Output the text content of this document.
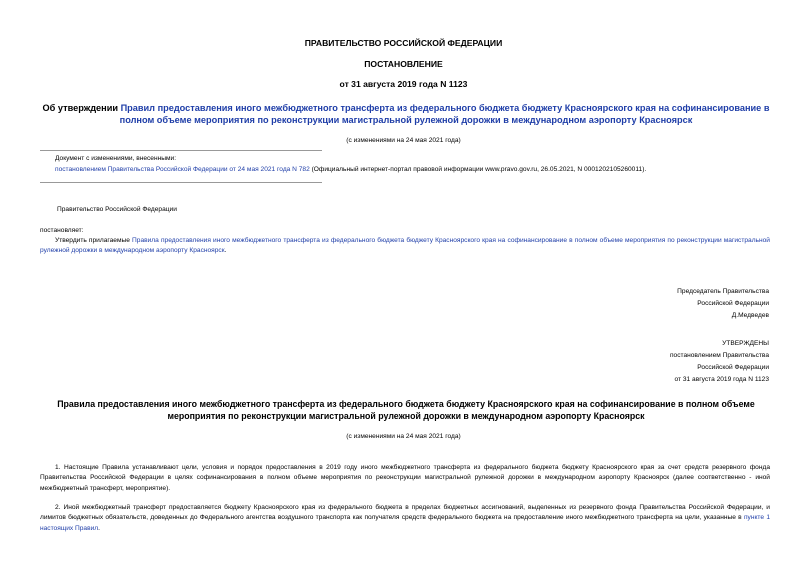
ПРАВИТЕЛЬСТВО РОССИЙСКОЙ ФЕДЕРАЦИИ
ПОСТАНОВЛЕНИЕ
от 31 августа 2019 года N 1123
Об утверждении Правил предоставления иного межбюджетного трансферта из федерального бюджета бюджету Красноярского края на софинансирование в полном объеме мероприятия по реконструкции магистральной рулежной дорожки в международном аэропорту Красноярск
(с изменениями на 24 мая 2021 года)
Документ с изменениями, внесенными:
постановлением Правительства Российской Федерации от 24 мая 2021 года N 782 (Официальный интернет-портал правовой информации www.pravo.gov.ru, 26.05.2021, N 0001202105260011).
Правительство Российской Федерации
постановляет:
Утвердить прилагаемые Правила предоставления иного межбюджетного трансферта из федерального бюджета бюджету Красноярского края на софинансирование в полном объеме мероприятия по реконструкции магистральной рулежной дорожки в международном аэропорту Красноярск.
Председатель Правительства
Российской Федерации
Д.Медведев
УТВЕРЖДЕНЫ
постановлением Правительства
Российской Федерации
от 31 августа 2019 года N 1123
Правила предоставления иного межбюджетного трансферта из федерального бюджета бюджету Красноярского края на софинансирование в полном объеме мероприятия по реконструкции магистральной рулежной дорожки в международном аэропорту Красноярск
(с изменениями на 24 мая 2021 года)
1. Настоящие Правила устанавливают цели, условия и порядок предоставления в 2019 году иного межбюджетного трансферта из федерального бюджета бюджету Красноярского края за счет средств резервного фонда Правительства Российской Федерации в целях софинансирования в полном объеме мероприятия по реконструкции магистральной рулежной дорожки в международном аэропорту Красноярск (далее соответственно - иной межбюджетный трансферт, мероприятие).
2. Иной межбюджетный трансферт предоставляется бюджету Красноярского края из федерального бюджета в пределах бюджетных ассигнований, выделенных из резервного фонда Правительства Российской Федерации, и лимитов бюджетных обязательств, доведенных до Федерального агентства воздушного транспорта как получателя средств федерального бюджета на предоставление иного межбюджетного трансферта на цели, указанные в пункте 1 настоящих Правил.
